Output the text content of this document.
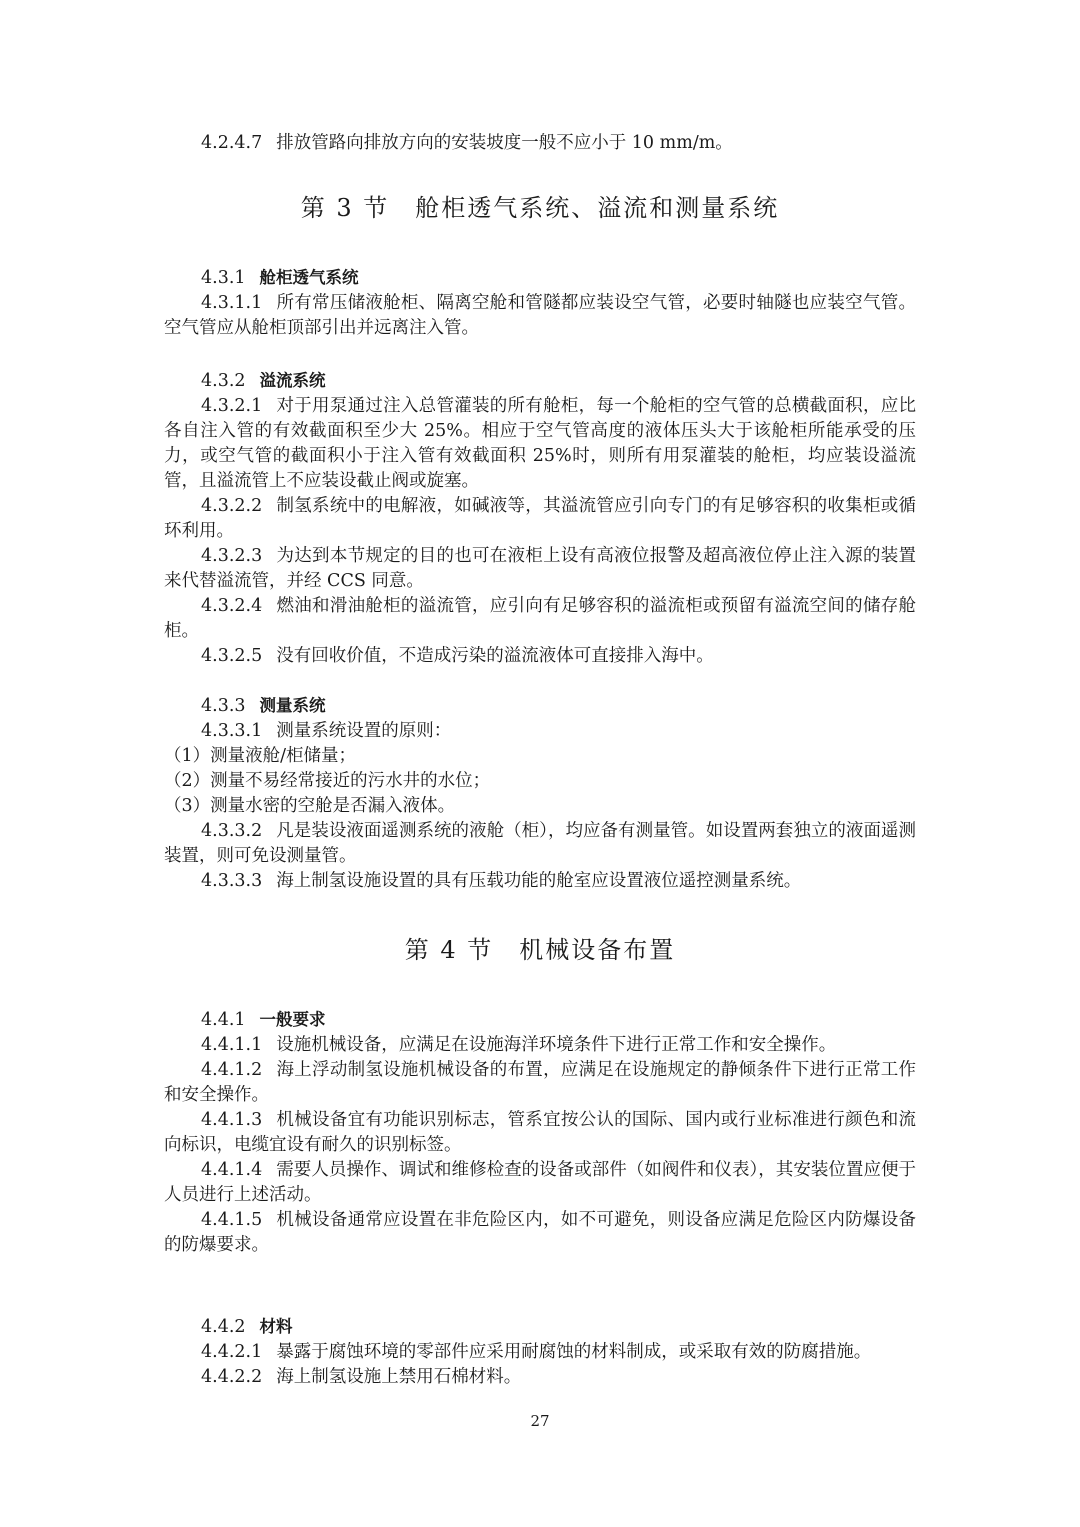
4.2.4.7 排放管路向排放方向的安装坡度一般不应小于 10 mm/m。

第 3 节 舱柜透气系统、溢流和测量系统

4.3.1 舱柜透气系统

4.3.1.1 所有常压储液舱柜、隔离空舱和管隧都应装设空气管，必要时轴隧也应装空气管。空气管应从舱柜顶部引出并远离注入管。

4.3.2 溢流系统

4.3.2.1 对于用泵通过注入总管灌装的所有舱柜，每一个舱柜的空气管的总横截面积，应比各自注入管的有效截面积至少大 25%。相应于空气管高度的液体压头大于该舱柜所能承受的压力，或空气管的截面积小于注入管有效截面积 25%时，则所有用泵灌装的舱柜，均应装设溢流管，且溢流管上不应装设截止阀或旋塞。

4.3.2.2 制氢系统中的电解液，如碱液等，其溢流管应引向专门的有足够容积的收集柜或循环利用。

4.3.2.3 为达到本节规定的目的也可在液柜上设有高液位报警及超高液位停止注入源的装置来代替溢流管，并经 CCS 同意。

4.3.2.4 燃油和滑油舱柜的溢流管，应引向有足够容积的溢流柜或预留有溢流空间的储存舱柜。

4.3.2.5 没有回收价值，不造成污染的溢流液体可直接排入海中。

4.3.3 测量系统

4.3.3.1 测量系统设置的原则：

（1）测量液舱/柜储量；

（2）测量不易经常接近的污水井的水位；

（3）测量水密的空舱是否漏入液体。

4.3.3.2 凡是装设液面遥测系统的液舱（柜），均应备有测量管。如设置两套独立的液面遥测装置，则可免设测量管。

4.3.3.3 海上制氢设施设置的具有压载功能的舱室应设置液位遥控测量系统。

第 4 节 机械设备布置

4.4.1 一般要求

4.4.1.1 设施机械设备，应满足在设施海洋环境条件下进行正常工作和安全操作。

4.4.1.2 海上浮动制氢设施机械设备的布置，应满足在设施规定的静倾条件下进行正常工作和安全操作。

4.4.1.3 机械设备宜有功能识别标志，管系宜按公认的国际、国内或行业标准进行颜色和流向标识，电缆宜设有耐久的识别标签。

4.4.1.4 需要人员操作、调试和维修检查的设备或部件（如阀件和仪表），其安装位置应便于人员进行上述活动。

4.4.1.5 机械设备通常应设置在非危险区内，如不可避免，则设备应满足危险区内防爆设备的防爆要求。

4.4.2 材料

4.4.2.1 暴露于腐蚀环境的零部件应采用耐腐蚀的材料制成，或采取有效的防腐措施。

4.4.2.2 海上制氢设施上禁用石棉材料。

27
